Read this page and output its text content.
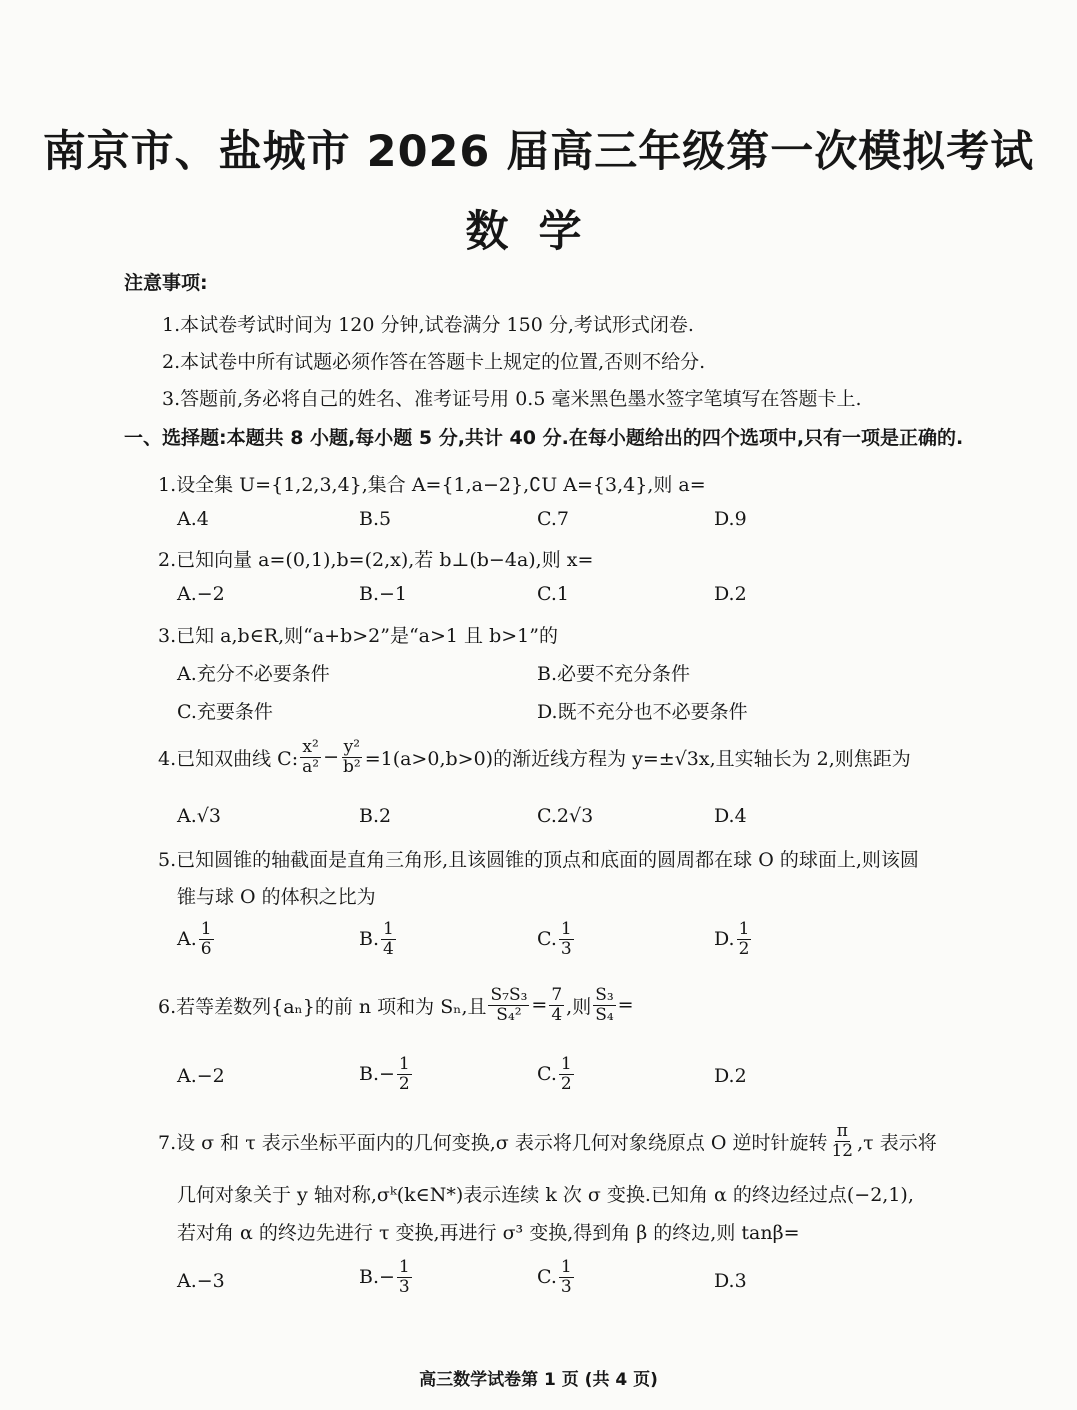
南京市、盐城市 2026 届高三年级第一次模拟考试
数学
注意事项:
1.本试卷考试时间为 120 分钟,试卷满分 150 分,考试形式闭卷.
2.本试卷中所有试题必须作答在答题卡上规定的位置,否则不给分.
3.答题前,务必将自己的姓名、准考证号用 0.5 毫米黑色墨水签字笔填写在答题卡上.
一、选择题:本题共 8 小题,每小题 5 分,共计 40 分.在每小题给出的四个选项中,只有一项是正确的.
1.设全集 U={1,2,3,4},集合 A={1,a−2},∁U A={3,4},则 a=
A.4	B.5	C.7	D.9
2.已知向量 a=(0,1),b=(2,x),若 b⊥(b−4a),则 x=
A.−2	B.−1	C.1	D.2
3.已知 a,b∈R,则“a+b>2”是“a>1 且 b>1”的
A.充分不必要条件	B.必要不充分条件
C.充要条件	D.既不充分也不必要条件
4.已知双曲线 C: $\frac{\text{x²}}{\text{a²}} - \frac{\text{y²}}{\text{b²}} =1(a>0,b>0)$的渐近线方程为 y=±√3x,且实轴长为 2,则焦距为
A.√3	B.2	C.2√3	D.4
5.已知圆锥的轴截面是直角三角形,且该圆锥的顶点和底面的圆周都在球 O 的球面上,则该圆
锥与球 O 的体积之比为
A. $\frac{1}{6}$	B. $\frac{1}{4}$	C. $\frac{1}{3}$	D. $\frac{1}{2}$
6.若等差数列{aₙ}的前 n 项和为 Sₙ,且 $\frac{\text{S₇S₃}}{\text{S₄²}} = \frac{7}{4}$ ,则 $\frac{\text{S₃}}{\text{S₄}}$ =
A.−2	$B.- \frac{1}{2}$	C. $\frac{1}{2}$	D.2
7.设 σ 和 τ 表示坐标平面内的几何变换,σ 表示将几何对象绕原点 O 逆时针旋转 $\frac{\pi}{12} ,\tau$ 表示将
几何对象关于 y 轴对称,σᵏ(k∈N*)表示连续 k 次 σ 变换.已知角 α 的终边经过点(−2,1),
若对角 α 的终边先进行 τ 变换,再进行 σ³ 变换,得到角 β 的终边,则 tanβ=
A.−3	$B.- \frac{1}{3}$	C. $\frac{1}{3}$	D.3
高三数学试卷第 1 页 (共 4 页)
